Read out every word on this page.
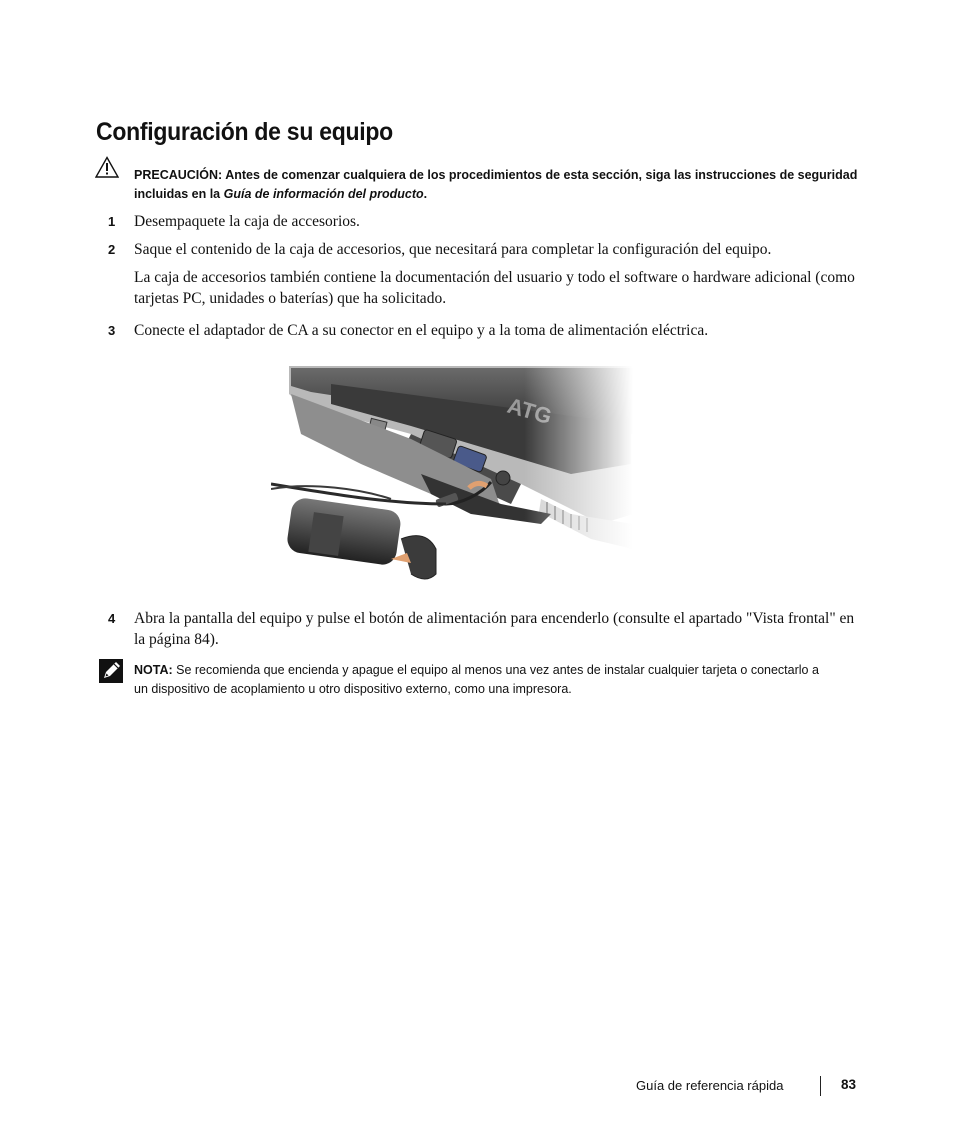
Configuración de su equipo
PRECAUCIÓN: Antes de comenzar cualquiera de los procedimientos de esta sección, siga las instrucciones de seguridad incluidas en la Guía de información del producto.
1 Desempaquete la caja de accesorios.
2 Saque el contenido de la caja de accesorios, que necesitará para completar la configuración del equipo.
La caja de accesorios también contiene la documentación del usuario y todo el software o hardware adicional (como tarjetas PC, unidades o baterías) que ha solicitado.
3 Conecte el adaptador de CA a su conector en el equipo y a la toma de alimentación eléctrica.
4 Abra la pantalla del equipo y pulse el botón de alimentación para encenderlo (consulte el apartado "Vista frontal" en la página 84).
NOTA: Se recomienda que encienda y apague el equipo al menos una vez antes de instalar cualquier tarjeta o conectarlo a un dispositivo de acoplamiento u otro dispositivo externo, como una impresora.
Guía de referencia rápida	83
